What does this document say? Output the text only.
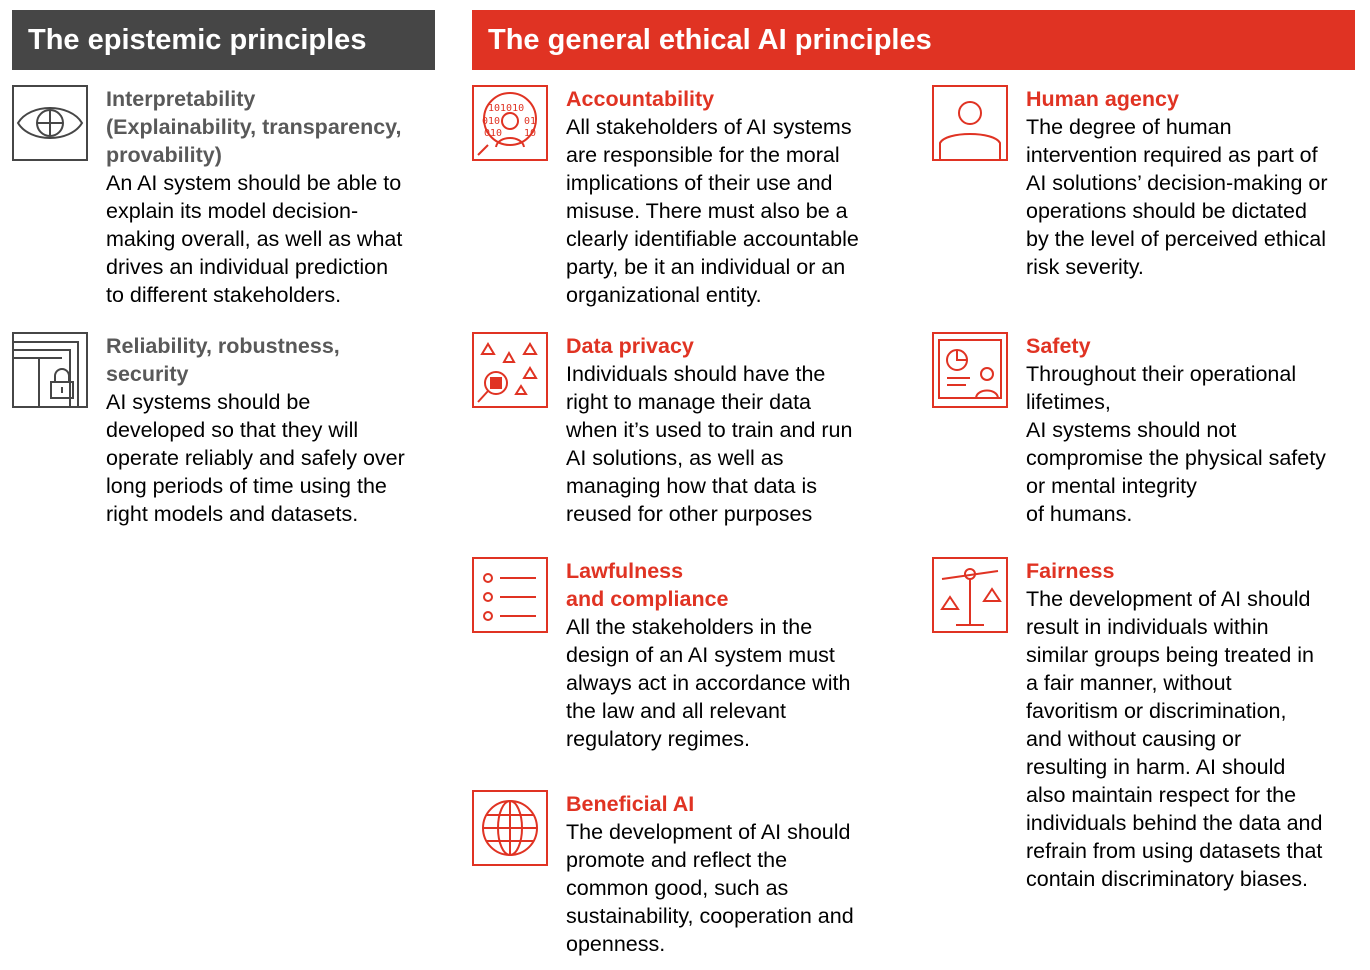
The epistemic principles	The general ethical AI principles
Interpretability
(Explainability, transparency,
provability)
An AI system should be able to
explain its model decision-
making overall, as well as what
drives an individual prediction
to different stakeholders.
Reliability, robustness,
security
AI systems should be
developed so that they will
operate reliably and safely over
long periods of time using the
right models and datasets.
101010
010 01
010 10
Accountability
All stakeholders of AI systems
are responsible for the moral
implications of their use and
misuse. There must also be a
clearly identifiable accountable
party, be it an individual or an
organizational entity.
Human agency
The degree of human
intervention required as part of
AI solutions’ decision-making or
operations should be dictated
by the level of perceived ethical
risk severity.
Data privacy
Individuals should have the
right to manage their data
when it’s used to train and run
AI solutions, as well as
managing how that data is
reused for other purposes
Safety
Throughout their operational
lifetimes,
AI systems should not
compromise the physical safety
or mental integrity
of humans.
Lawfulness
and compliance
All the stakeholders in the
design of an AI system must
always act in accordance with
the law and all relevant
regulatory regimes.
Fairness
The development of AI should
result in individuals within
similar groups being treated in
a fair manner, without
favoritism or discrimination,
and without causing or
resulting in harm. AI should
also maintain respect for the
individuals behind the data and
refrain from using datasets that
contain discriminatory biases.
Beneficial AI
The development of AI should
promote and reflect the
common good, such as
sustainability, cooperation and
openness.
